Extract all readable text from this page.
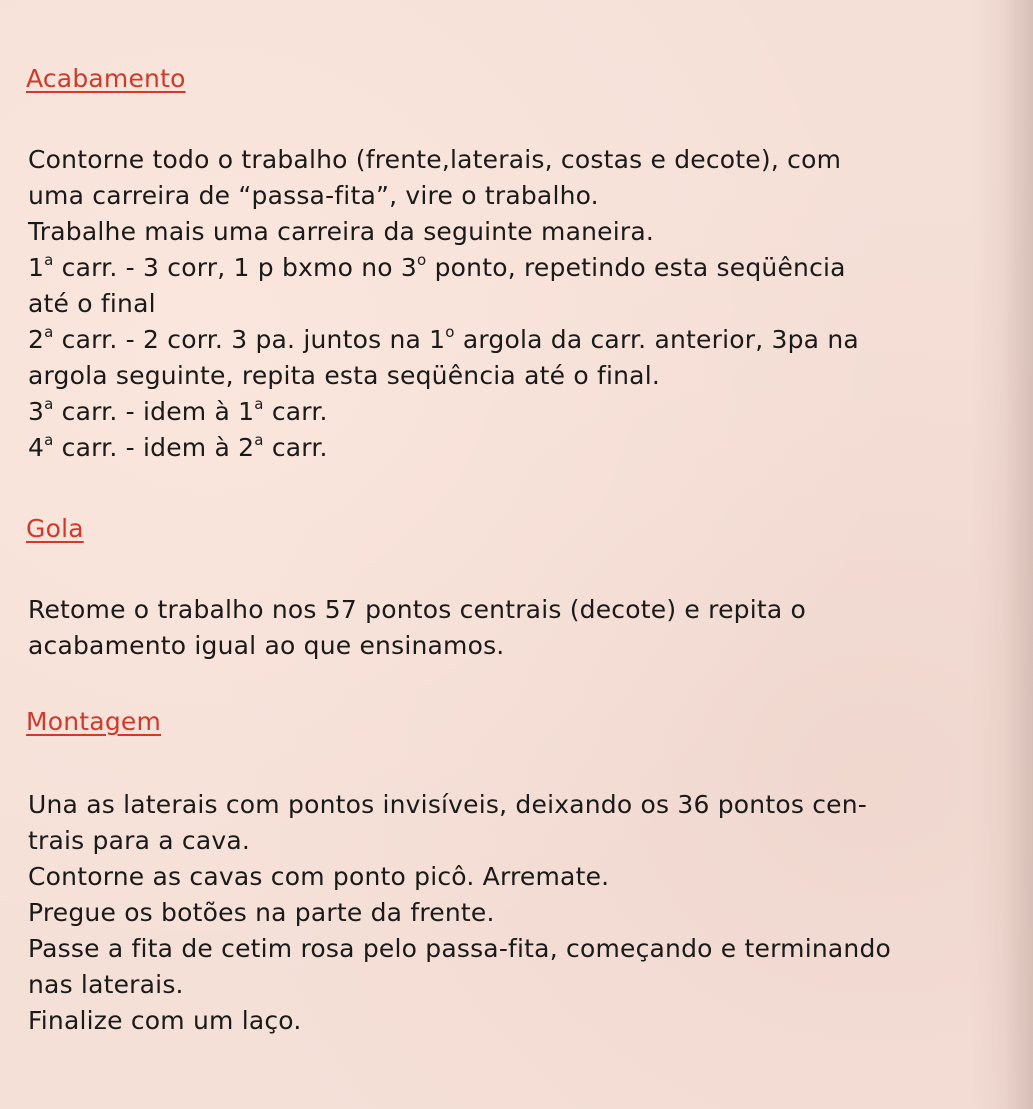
Acabamento
Contorne todo o trabalho (frente,laterais, costas e decote), com
uma carreira de “passa-fita”, vire o trabalho.
Trabalhe mais uma carreira da seguinte maneira.
1$^a$ carr. - 3 corr, 1 p bxmo no 3$^o$ ponto, repetindo esta seqüência
até o final
2$^a$ carr. - 2 corr. 3 pa. juntos na 1$^o$ argola da carr. anterior, 3pa na
argola seguinte, repita esta seqüência até o final.
3$^a$ carr. - idem à 1$^a$ carr.
4$^a$ carr. - idem à 2$^a$ carr.
Gola
Retome o trabalho nos 57 pontos centrais (decote) e repita o
acabamento igual ao que ensinamos.
Montagem
Una as laterais com pontos invisíveis, deixando os 36 pontos cen-
trais para a cava.
Contorne as cavas com ponto picô. Arremate.
Pregue os botões na parte da frente.
Passe a fita de cetim rosa pelo passa-fita, começando e terminando
nas laterais.
Finalize com um laço.
